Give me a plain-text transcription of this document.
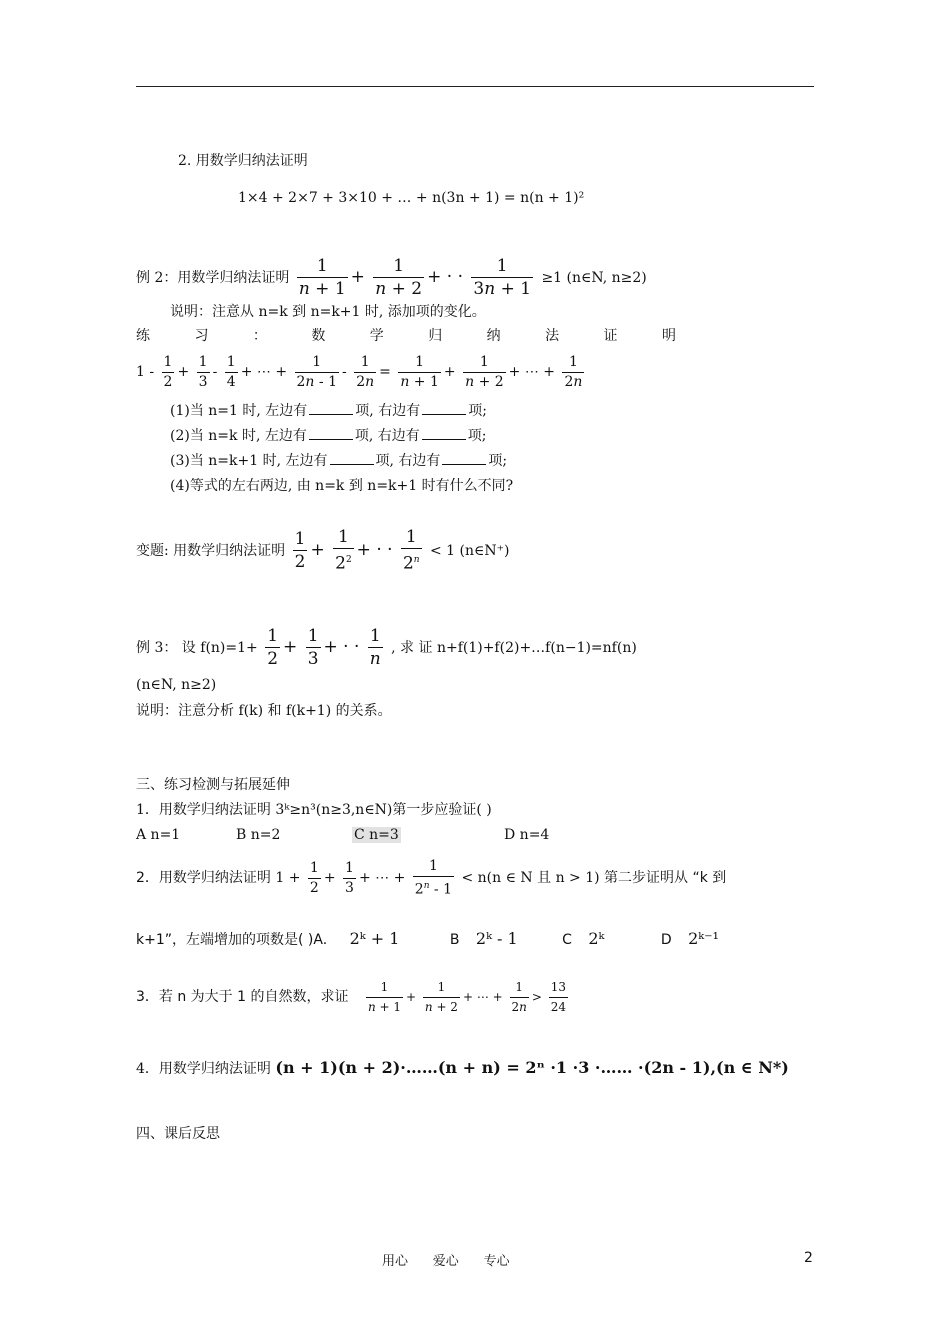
2. 用数学归纳法证明
1×4 + 2×7 + 3×10 + … + n(3n + 1) = n(n + 1)²
例 2：用数学归纳法证明 $\frac{1}{n + 1} + \frac{1}{n + 2}$ + · · $\frac{1}{3n + 1} \ge 1$ (n∈N, n≥2)
说明：注意从 n=k 到 n=k+1 时, 添加项的变化。
练	习	：	数	学	归	纳	法	证	明
$1 - \frac{1}{2} + \frac{1}{3} - \frac{1}{4}$ + ⋯ + $\frac{1}{2n - 1} - \frac{1}{2n} = \frac{1}{n + 1} + \frac{1}{n + 2}$ + ⋯ + $\frac{1}{2n}$
(1)当 n=1 时, 左边有	项, 右边有	项;
(2)当 n=k 时, 左边有	项, 右边有	项;
(3)当 n=k+1 时, 左边有	项, 右边有	项;
(4)等式的左右两边, 由 n=k 到 n=k+1 时有什么不同?
变题: 用数学归纳法证明 $\frac{1}{2} + \frac{1}{2^2}$ + · · $\frac{1}{2^n} < 1$ (n∈N⁺)
例 3： 设 $f(n)=1+ \frac{1}{2} + \frac{1}{3}$ + · · $\frac{1}{n}$ , 求 证 n+f(1)+f(2)+…f(n−1)=nf(n)
(n∈N, n≥2)
说明：注意分析 f(k) 和 f(k+1) 的关系。
三、练习检测与拓展延伸
1．用数学归纳法证明 3ᵏ≥n³(n≥3,n∈N)第一步应验证( )
A n=1	B n=2	C n=3	D n=4
2．用数学归纳法证明 $1 + \frac{1}{2} + \frac{1}{3}$ + ⋯ + $\frac{1}{2^n - 1} < n(n$ ∈ N 且 n > 1) 第二步证明从 “k 到
k+1”，左端增加的项数是( )A. 2ᵏ + 1	B 2ᵏ - 1	C 2ᵏ	D 2ᵏ⁻¹
3．若 n 为大于 1 的自然数，求证 $\frac{1}{n + 1} + \frac{1}{n + 2}$ + ⋯ + $\frac{1}{2n} > \frac{13}{24}$
4．用数学归纳法证明 (n + 1)(n + 2)·……(n + n) = 2ⁿ ·1 ·3 ·…… ·(2n - 1),(n ∈ N*)
四、课后反思
用心      爱心      专心	2
